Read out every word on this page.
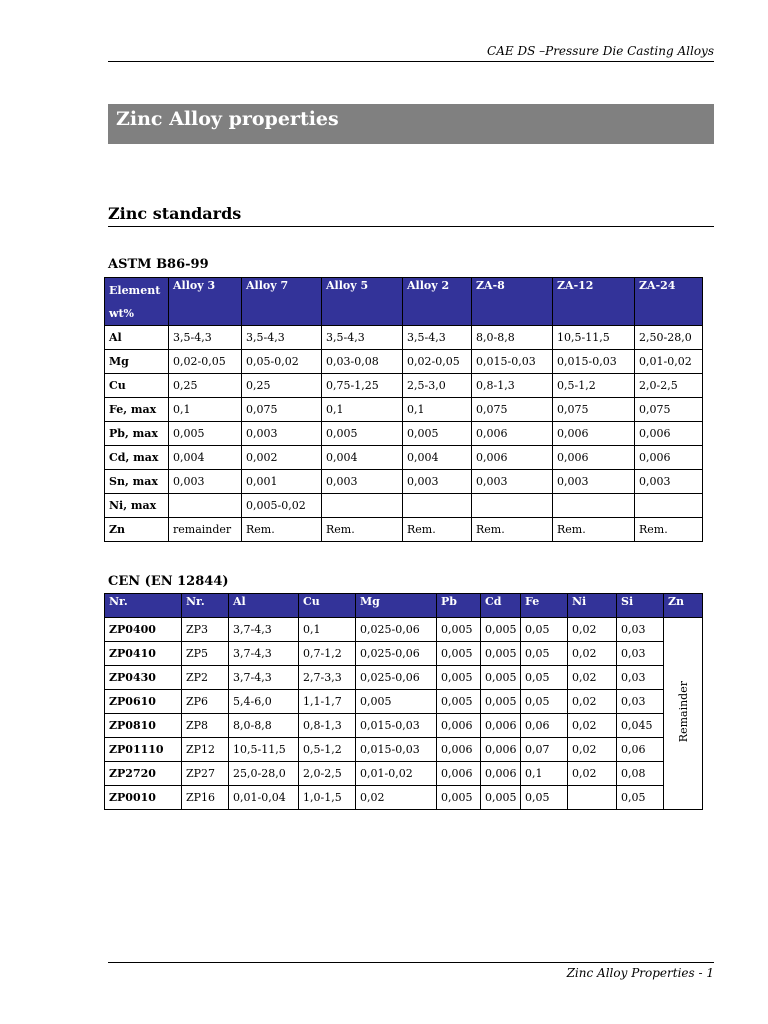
CAE DS –Pressure Die Casting Alloys
Zinc Alloy properties
Zinc standards
ASTM B86-99
Element
wt%	Alloy 3	Alloy 7	Alloy 5	Alloy 2	ZA-8	ZA-12	ZA-24
Al	3,5-4,3	3,5-4,3	3,5-4,3	3,5-4,3	8,0-8,8	10,5-11,5	2,50-28,0
Mg	0,02-0,05	0,05-0,02	0,03-0,08	0,02-0,05	0,015-0,03	0,015-0,03	0,01-0,02
Cu	0,25	0,25	0,75-1,25	2,5-3,0	0,8-1,3	0,5-1,2	2,0-2,5
Fe, max	0,1	0,075	0,1	0,1	0,075	0,075	0,075
Pb, max	0,005	0,003	0,005	0,005	0,006	0,006	0,006
Cd, max	0,004	0,002	0,004	0,004	0,006	0,006	0,006
Sn, max	0,003	0,001	0,003	0,003	0,003	0,003	0,003
Ni, max		0,005-0,02					
Zn	remainder	Rem.	Rem.	Rem.	Rem.	Rem.	Rem.
CEN (EN 12844)
Nr.	Nr.	Al	Cu	Mg	Pb	Cd	Fe	Ni	Si	Zn
ZP0400	ZP3	3,7-4,3	0,1	0,025-0,06	0,005	0,005	0,05	0,02	0,03	Remainder
ZP0410	ZP5	3,7-4,3	0,7-1,2	0,025-0,06	0,005	0,005	0,05	0,02	0,03	
ZP0430	ZP2	3,7-4,3	2,7-3,3	0,025-0,06	0,005	0,005	0,05	0,02	0,03	
ZP0610	ZP6	5,4-6,0	1,1-1,7	0,005	0,005	0,005	0,05	0,02	0,03	
ZP0810	ZP8	8,0-8,8	0,8-1,3	0,015-0,03	0,006	0,006	0,06	0,02	0,045	
ZP01110	ZP12	10,5-11,5	0,5-1,2	0,015-0,03	0,006	0,006	0,07	0,02	0,06	
ZP2720	ZP27	25,0-28,0	2,0-2,5	0,01-0,02	0,006	0,006	0,1	0,02	0,08	
ZP0010	ZP16	0,01-0,04	1,0-1,5	0,02	0,005	0,005	0,05		0,05	
Zinc Alloy Properties - 1
